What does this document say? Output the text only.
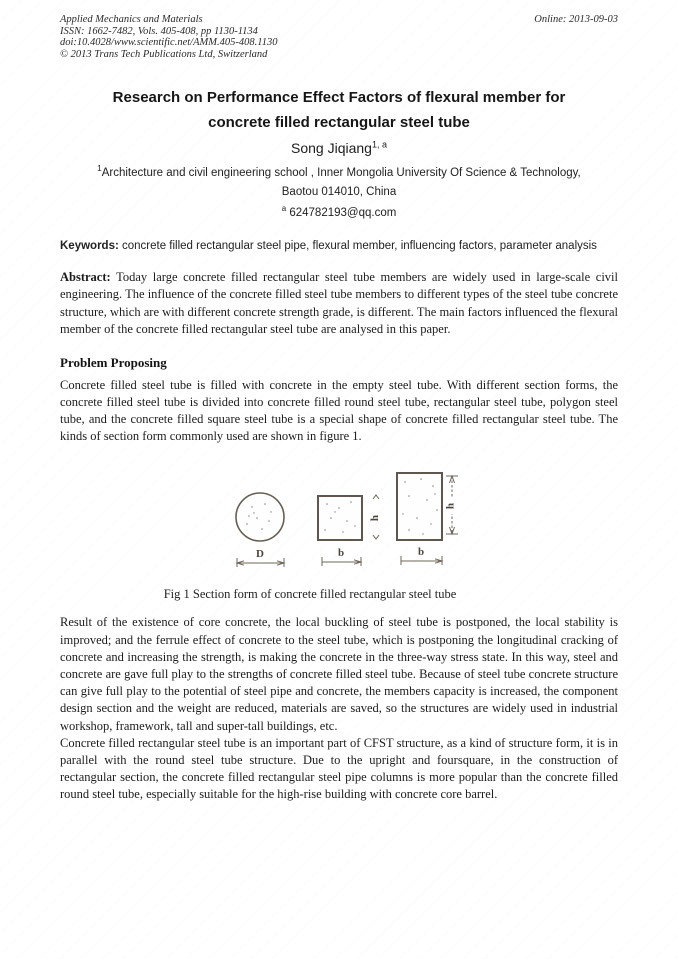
Applied Mechanics and Materials
ISSN: 1662-7482, Vols. 405-408, pp 1130-1134
doi:10.4028/www.scientific.net/AMM.405-408.1130
© 2013 Trans Tech Publications Ltd, Switzerland
Online: 2013-09-03
Research on Performance Effect Factors of flexural member for
concrete filled rectangular steel tube
Song Jiqiang$^{1, a}$
$^1$Architecture and civil engineering school , Inner Mongolia University Of Science & Technology,
Baotou 014010, China
$^a$ 624782193@qq.com

Keywords: concrete filled rectangular steel pipe, flexural member, influencing factors, parameter analysis

Abstract: Today large concrete filled rectangular steel tube members are widely used in large-scale civil engineering. The influence of the concrete filled steel tube members to different types of the steel tube concrete structure, which are with different concrete strength grade, is different. The main factors influenced the flexural member of the concrete filled rectangular steel tube are analysed in this paper.

Problem Proposing

Concrete filled steel tube is filled with concrete in the empty steel tube. With different section forms, the concrete filled steel tube is divided into concrete filled round steel tube, rectangular steel tube, polygon steel tube, and the concrete filled square steel tube is a special shape of concrete filled rectangular steel tube. The kinds of section form commonly used are shown in figure 1.

D	b
h
h
b
Fig 1 Section form of concrete filled rectangular steel tube

Result of the existence of core concrete, the local buckling of steel tube is postponed, the local stability is improved; and the ferrule effect of concrete to the steel tube, which is postponing the longitudinal cracking of concrete and increasing the strength, is making the concrete in the three-way stress state. In this way, steel and concrete are gave full play to the strengths of concrete filled steel tube. Because of steel tube concrete structure can give full play to the potential of steel pipe and concrete, the members capacity is increased, the component design section and the weight are reduced, materials are saved, so the structures are widely used in industrial workshop, framework, tall and super-tall buildings, etc.

Concrete filled rectangular steel tube is an important part of CFST structure, as a kind of structure form, it is in parallel with the round steel tube structure. Due to the upright and foursquare, in the construction of rectangular section, the concrete filled rectangular steel pipe columns is more popular than the concrete filled round steel tube, especially suitable for the high-rise building with concrete core barrel.
